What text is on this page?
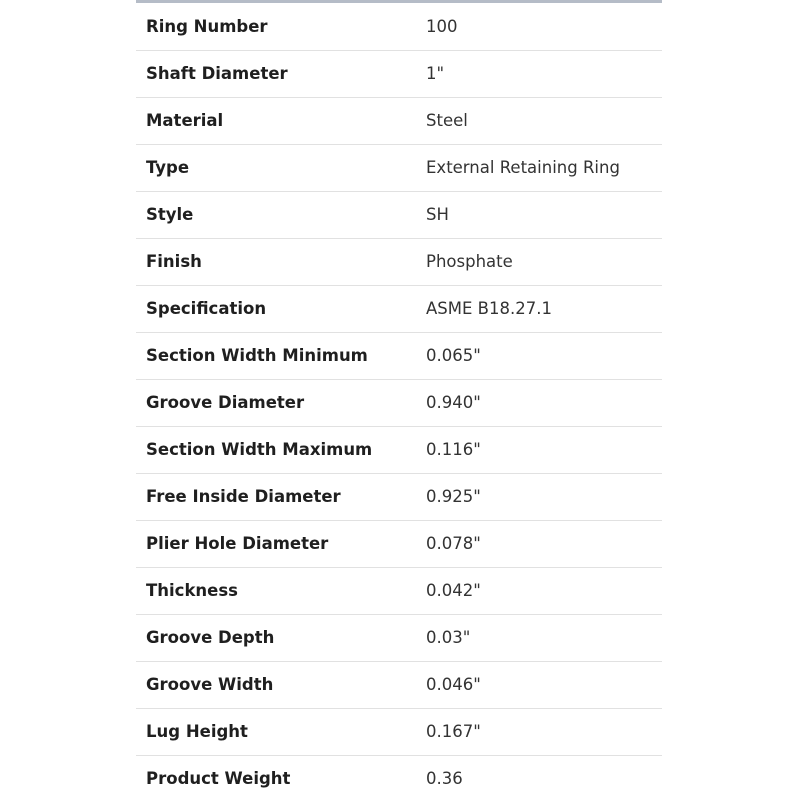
Ring Number	100
Shaft Diameter	1"
Material	Steel
Type	External Retaining Ring
Style	SH
Finish	Phosphate
Specification	ASME B18.27.1
Section Width Minimum	0.065"
Groove Diameter	0.940"
Section Width Maximum	0.116"
Free Inside Diameter	0.925"
Plier Hole Diameter	0.078"
Thickness	0.042"
Groove Depth	0.03"
Groove Width	0.046"
Lug Height	0.167"
Product Weight	0.36
